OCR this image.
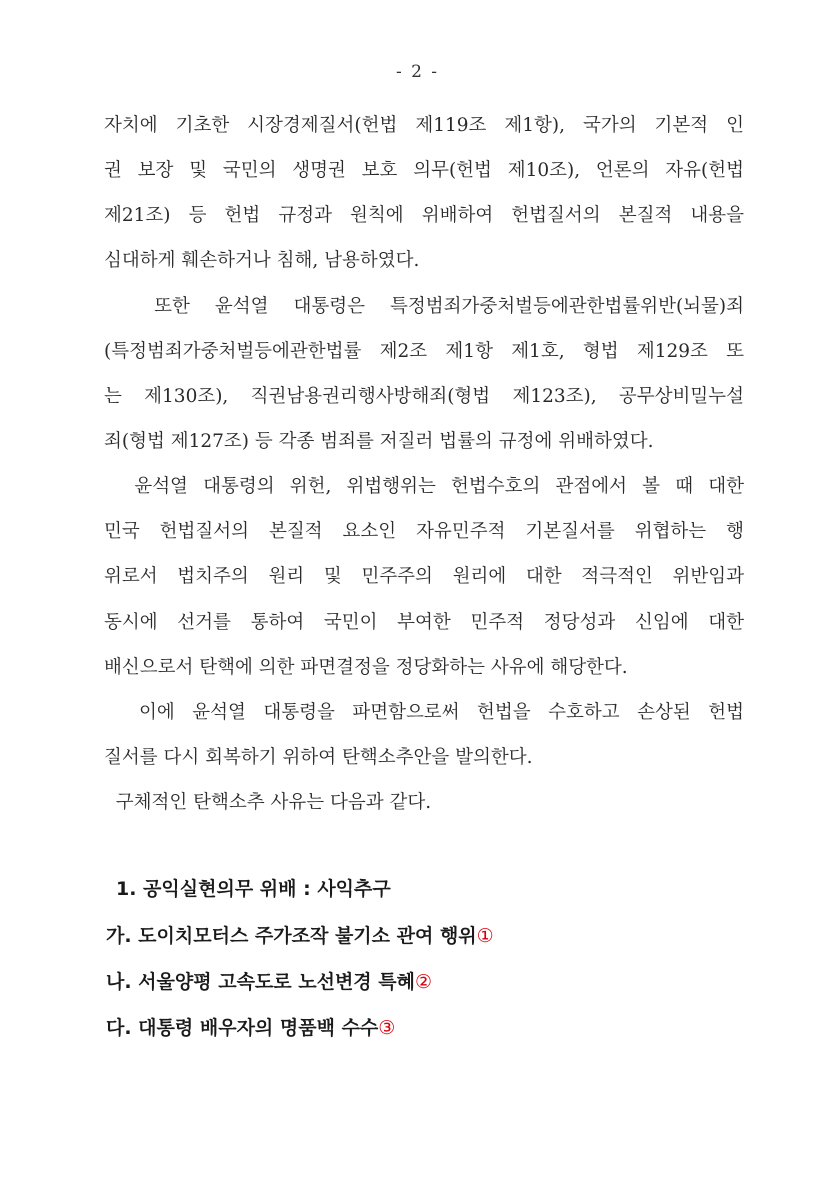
- 2 -
자치에 기초한 시장경제질서(헌법 제119조 제1항), 국가의 기본적 인
권 보장 및 국민의 생명권 보호 의무(헌법 제10조), 언론의 자유(헌법
제21조) 등 헌법 규정과 원칙에 위배하여 헌법질서의 본질적 내용을
심대하게 훼손하거나 침해, 남용하였다.
또한 윤석열 대통령은 특정범죄가중처벌등에관한법률위반(뇌물)죄
(특정범죄가중처벌등에관한법률 제2조 제1항 제1호, 형법 제129조 또
는 제130조), 직권남용권리행사방해죄(형법 제123조), 공무상비밀누설
죄(형법 제127조) 등 각종 범죄를 저질러 법률의 규정에 위배하였다.
윤석열 대통령의 위헌, 위법행위는 헌법수호의 관점에서 볼 때 대한
민국 헌법질서의 본질적 요소인 자유민주적 기본질서를 위협하는 행
위로서 법치주의 원리 및 민주주의 원리에 대한 적극적인 위반임과
동시에 선거를 통하여 국민이 부여한 민주적 정당성과 신임에 대한
배신으로서 탄핵에 의한 파면결정을 정당화하는 사유에 해당한다.
이에 윤석열 대통령을 파면함으로써 헌법을 수호하고 손상된 헌법
질서를 다시 회복하기 위하여 탄핵소추안을 발의한다.
구체적인 탄핵소추 사유는 다음과 같다.
1. 공익실현의무 위배 : 사익추구
가. 도이치모터스 주가조작 불기소 관여 행위①
나. 서울양평 고속도로 노선변경 특혜②
다. 대통령 배우자의 명품백 수수③
